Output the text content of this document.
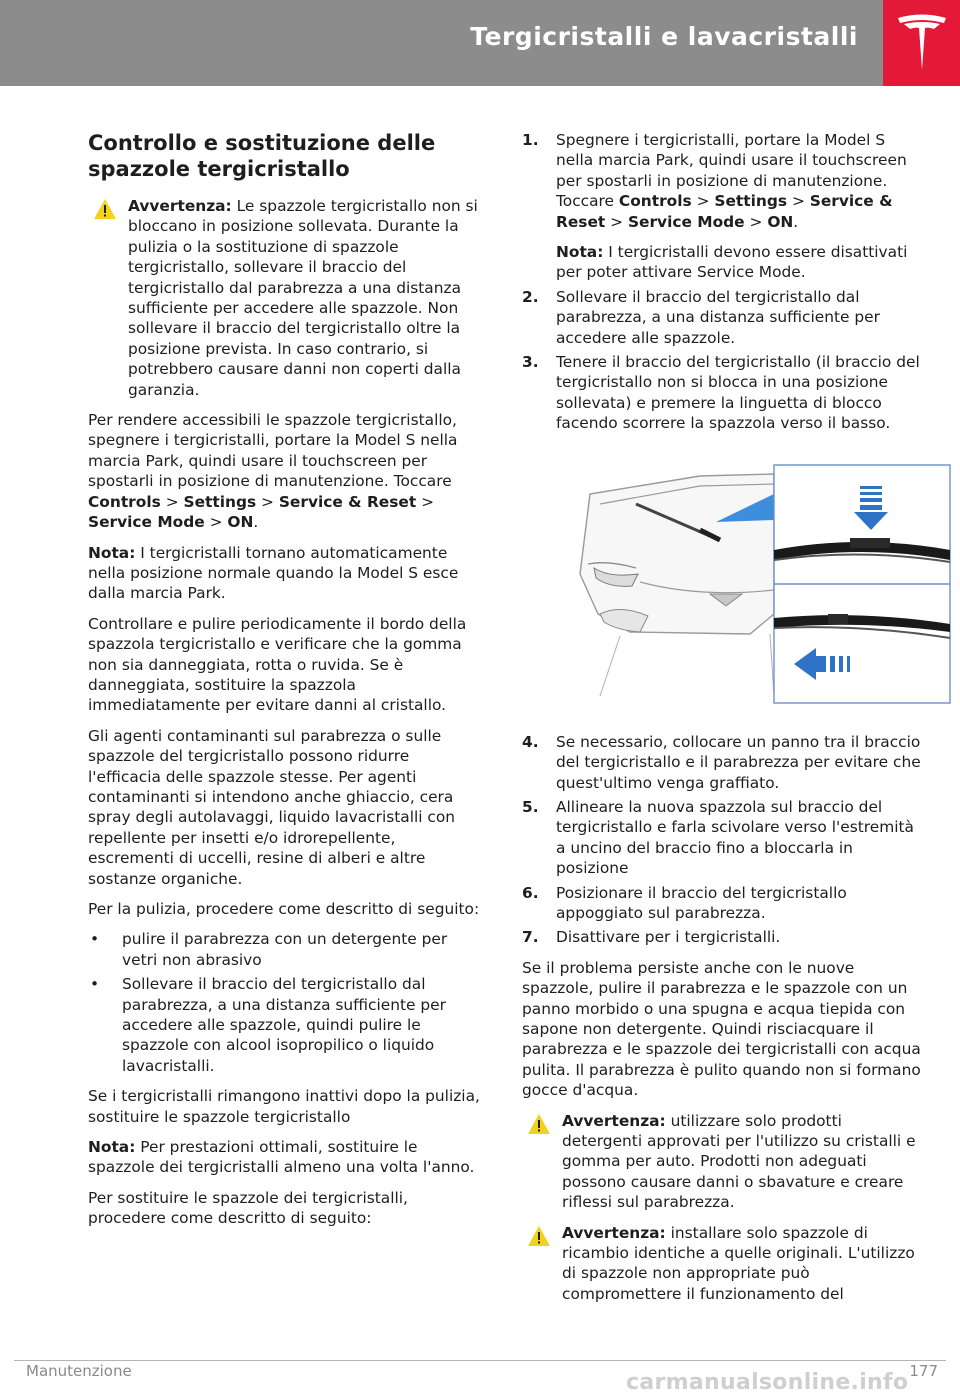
Tergicristalli e lavacristalli
Controllo e sostituzione delle spazzole tergicristallo
Avvertenza: Le spazzole tergicristallo non si bloccano in posizione sollevata. Durante la pulizia o la sostituzione di spazzole tergicristallo, sollevare il braccio del tergicristallo dal parabrezza a una distanza sufficiente per accedere alle spazzole. Non sollevare il braccio del tergicristallo oltre la posizione prevista. In caso contrario, si potrebbero causare danni non coperti dalla garanzia.

Per rendere accessibili le spazzole tergicristallo, spegnere i tergicristalli, portare la Model S nella marcia Park, quindi usare il touchscreen per spostarli in posizione di manutenzione. Toccare Controls > Settings > Service & Reset > Service Mode > ON.

Nota: I tergicristalli tornano automaticamente nella posizione normale quando la Model S esce dalla marcia Park.

Controllare e pulire periodicamente il bordo della spazzola tergicristallo e verificare che la gomma non sia danneggiata, rotta o ruvida. Se è danneggiata, sostituire la spazzola immediatamente per evitare danni al cristallo.

Gli agenti contaminanti sul parabrezza o sulle spazzole del tergicristallo possono ridurre l'efficacia delle spazzole stesse. Per agenti contaminanti si intendono anche ghiaccio, cera spray degli autolavaggi, liquido lavacristalli con repellente per insetti e/o idrorepellente, escrementi di uccelli, resine di alberi e altre sostanze organiche.

Per la pulizia, procedere come descritto di seguito:

• pulire il parabrezza con un detergente per vetri non abrasivo
• Sollevare il braccio del tergicristallo dal parabrezza, a una distanza sufficiente per accedere alle spazzole, quindi pulire le spazzole con alcool isopropilico o liquido lavacristalli.

Se i tergicristalli rimangono inattivi dopo la pulizia, sostituire le spazzole tergicristallo

Nota: Per prestazioni ottimali, sostituire le spazzole dei tergicristalli almeno una volta l'anno.

Per sostituire le spazzole dei tergicristalli, procedere come descritto di seguito:

1. Spegnere i tergicristalli, portare la Model S nella marcia Park, quindi usare il touchscreen per spostarli in posizione di manutenzione. Toccare Controls > Settings > Service & Reset > Service Mode > ON.
Nota: I tergicristalli devono essere disattivati per poter attivare Service Mode.
2. Sollevare il braccio del tergicristallo dal parabrezza, a una distanza sufficiente per accedere alle spazzole.
3. Tenere il braccio del tergicristallo (il braccio del tergicristallo non si blocca in una posizione sollevata) e premere la linguetta di blocco facendo scorrere la spazzola verso il basso.
4. Se necessario, collocare un panno tra il braccio del tergicristallo e il parabrezza per evitare che quest'ultimo venga graffiato.
5. Allineare la nuova spazzola sul braccio del tergicristallo e farla scivolare verso l'estremità a uncino del braccio fino a bloccarla in posizione
6. Posizionare il braccio del tergicristallo appoggiato sul parabrezza.
7. Disattivare per i tergicristalli.

Se il problema persiste anche con le nuove spazzole, pulire il parabrezza e le spazzole con un panno morbido o una spugna e acqua tiepida con sapone non detergente. Quindi risciacquare il parabrezza e le spazzole dei tergicristalli con acqua pulita. Il parabrezza è pulito quando non si formano gocce d'acqua.

Avvertenza: utilizzare solo prodotti detergenti approvati per l'utilizzo su cristalli e gomma per auto. Prodotti non adeguati possono causare danni o sbavature e creare riflessi sul parabrezza.
Avvertenza: installare solo spazzole di ricambio identiche a quelle originali. L'utilizzo di spazzole non appropriate può compromettere il funzionamento del
Manutenzione	177
carmanualsonline.info
